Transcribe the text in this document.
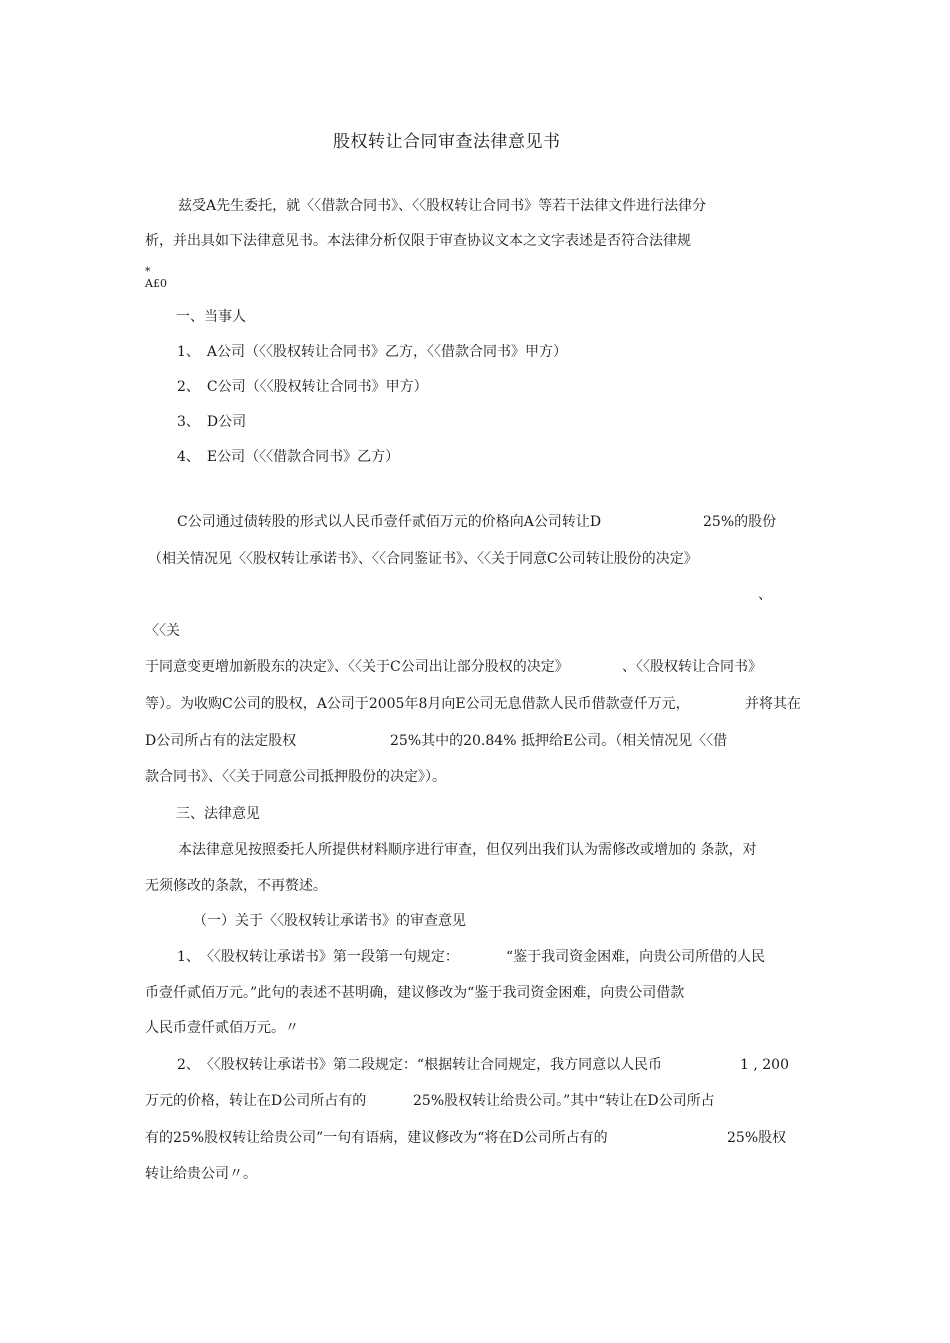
股权转让合同审查法律意见书
兹受A先生委托，就〈〈借款合同书》、〈〈股权转让合同书》等若干法律文件进行法律分
析，并出具如下法律意见书。本法律分析仅限于审查协议文本之文字表述是否符合法律规
*
A£0
一、当事人
1、　A公司（〈〈股权转让合同书》乙方，〈〈借款合同书》甲方）
2、　C公司（〈〈股权转让合同书》甲方）
3、　D公司
4、　E公司（〈〈借款合同书》乙方）
C公司通过债转股的形式以人民币壹仟贰佰万元的价格向A公司转让D	25%的股份
（相关情况见〈〈股权转让承诺书》、〈〈合同鉴证书》、〈〈关于同意C公司转让股份的决定》
、
〈〈关
于同意变更增加新股东的决定》、〈〈关于C公司出让部分股权的决定》	、〈〈股权转让合同书》
等）。为收购C公司的股权，A公司于2005年8月向E公司无息借款人民币借款壹仟万元，	并将其在
D公司所占有的法定股权	25%其中的20.84% 抵押给E公司。（相关情况见〈〈借
款合同书》、〈〈关于同意公司抵押股份的决定》）。
三、法律意见
本法律意见按照委托人所提供材料顺序进行审查，但仅列出我们认为需修改或增加的 条款，对
无须修改的条款，不再赘述。
（一）关于〈〈股权转让承诺书》的审查意见
1、　〈〈股权转让承诺书》第一段第一句规定：	“鉴于我司资金困难，向贵公司所借的人民
币壹仟贰佰万元。”此句的表述不甚明确，建议修改为“鉴于我司资金困难，向贵公司借款
人民币壹仟贰佰万元。〃
2、　〈〈股权转让承诺书》第二段规定：“根据转让合同规定，我方同意以人民币	1 , 200
万元的价格，转让在D公司所占有的	25%股权转让给贵公司。”其中“转让在D公司所占
有的25%股权转让给贵公司”一句有语病，建议修改为“将在D公司所占有的	25%股权
转让给贵公司〃。
